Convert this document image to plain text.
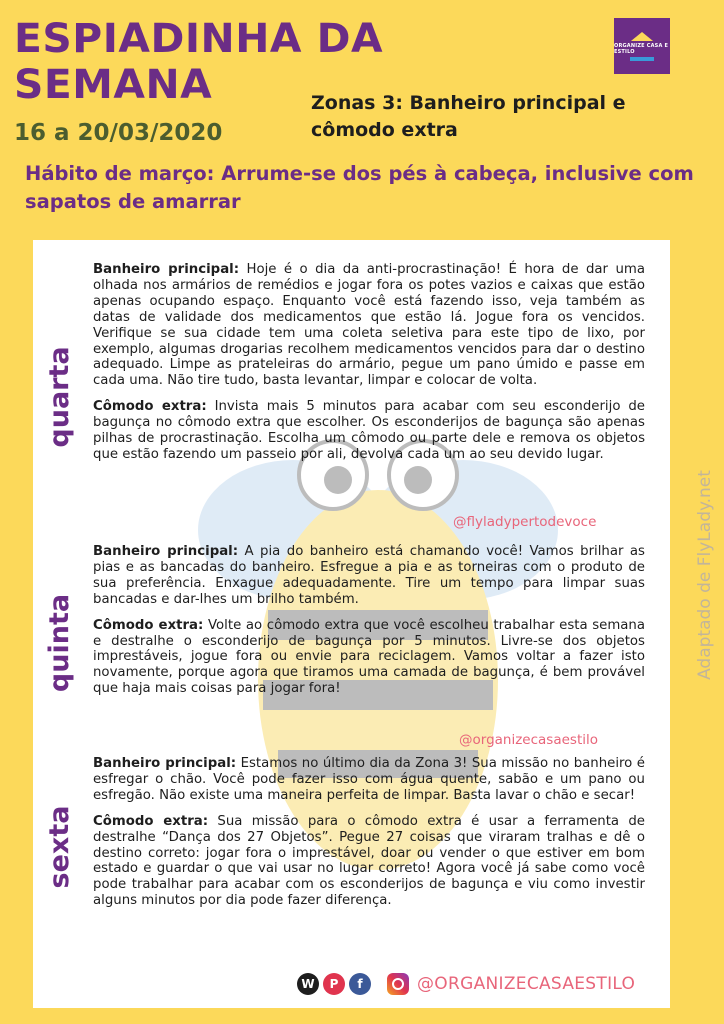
ESPIADINHA DA
SEMANA
16 a 20/03/2020
Zonas 3: Banheiro principal e cômodo extra
ORGANIZE CASA E ESTILO
Hábito de março: Arrume-se dos pés à cabeça, inclusive com sapatos de amarrar
quarta
quinta
sexta

Banheiro principal: Hoje é o dia da anti-procrastinação! É hora de dar uma olhada nos armários de remédios e jogar fora os potes vazios e caixas que estão apenas ocupando espaço. Enquanto você está fazendo isso, veja também as datas de validade dos medicamentos que estão lá. Jogue fora os vencidos. Verifique se sua cidade tem uma coleta seletiva para este tipo de lixo, por exemplo, algumas drogarias recolhem medicamentos vencidos para dar o destino adequado. Limpe as prateleiras do armário, pegue um pano úmido e passe em cada uma. Não tire tudo, basta levantar, limpar e colocar de volta.

Cômodo extra: Invista mais 5 minutos para acabar com seu esconderijo de bagunça no cômodo extra que escolher. Os esconderijos de bagunça são apenas pilhas de procrastinação. Escolha um cômodo ou parte dele e remova os objetos que estão fazendo um passeio por ali, devolva cada um ao seu devido lugar.

@flyladypertodevoce

Banheiro principal: A pia do banheiro está chamando você! Vamos brilhar as pias e as bancadas do banheiro. Esfregue a pia e as torneiras com o produto de sua preferência. Enxague adequadamente. Tire um tempo para limpar suas bancadas e dar-lhes um brilho também.

Cômodo extra: Volte ao cômodo extra que você escolheu trabalhar esta semana e destralhe o esconderijo de bagunça por 5 minutos. Livre-se dos objetos imprestáveis, jogue fora ou envie para reciclagem. Vamos voltar a fazer isto novamente, porque agora que tiramos uma camada de bagunça, é bem provável que haja mais coisas para jogar fora!

@organizecasaestilo

Banheiro principal: Estamos no último dia da Zona 3! Sua missão no banheiro é esfregar o chão. Você pode fazer isso com água quente, sabão e um pano ou esfregão. Não existe uma maneira perfeita de limpar. Basta lavar o chão e secar!

Cômodo extra: Sua missão para o cômodo extra é usar a ferramenta de destralhe “Dança dos 27 Objetos”. Pegue 27 coisas que viraram tralhas e dê o destino correto: jogar fora o imprestável, doar ou vender o que estiver em bom estado e guardar o que vai usar no lugar correto! Agora você já sabe como você pode trabalhar para acabar com os esconderijos de bagunça e viu como investir alguns minutos por dia pode fazer diferença.

W	P	f	@ORGANIZECASAESTILO
Adaptado de FlyLady.net
